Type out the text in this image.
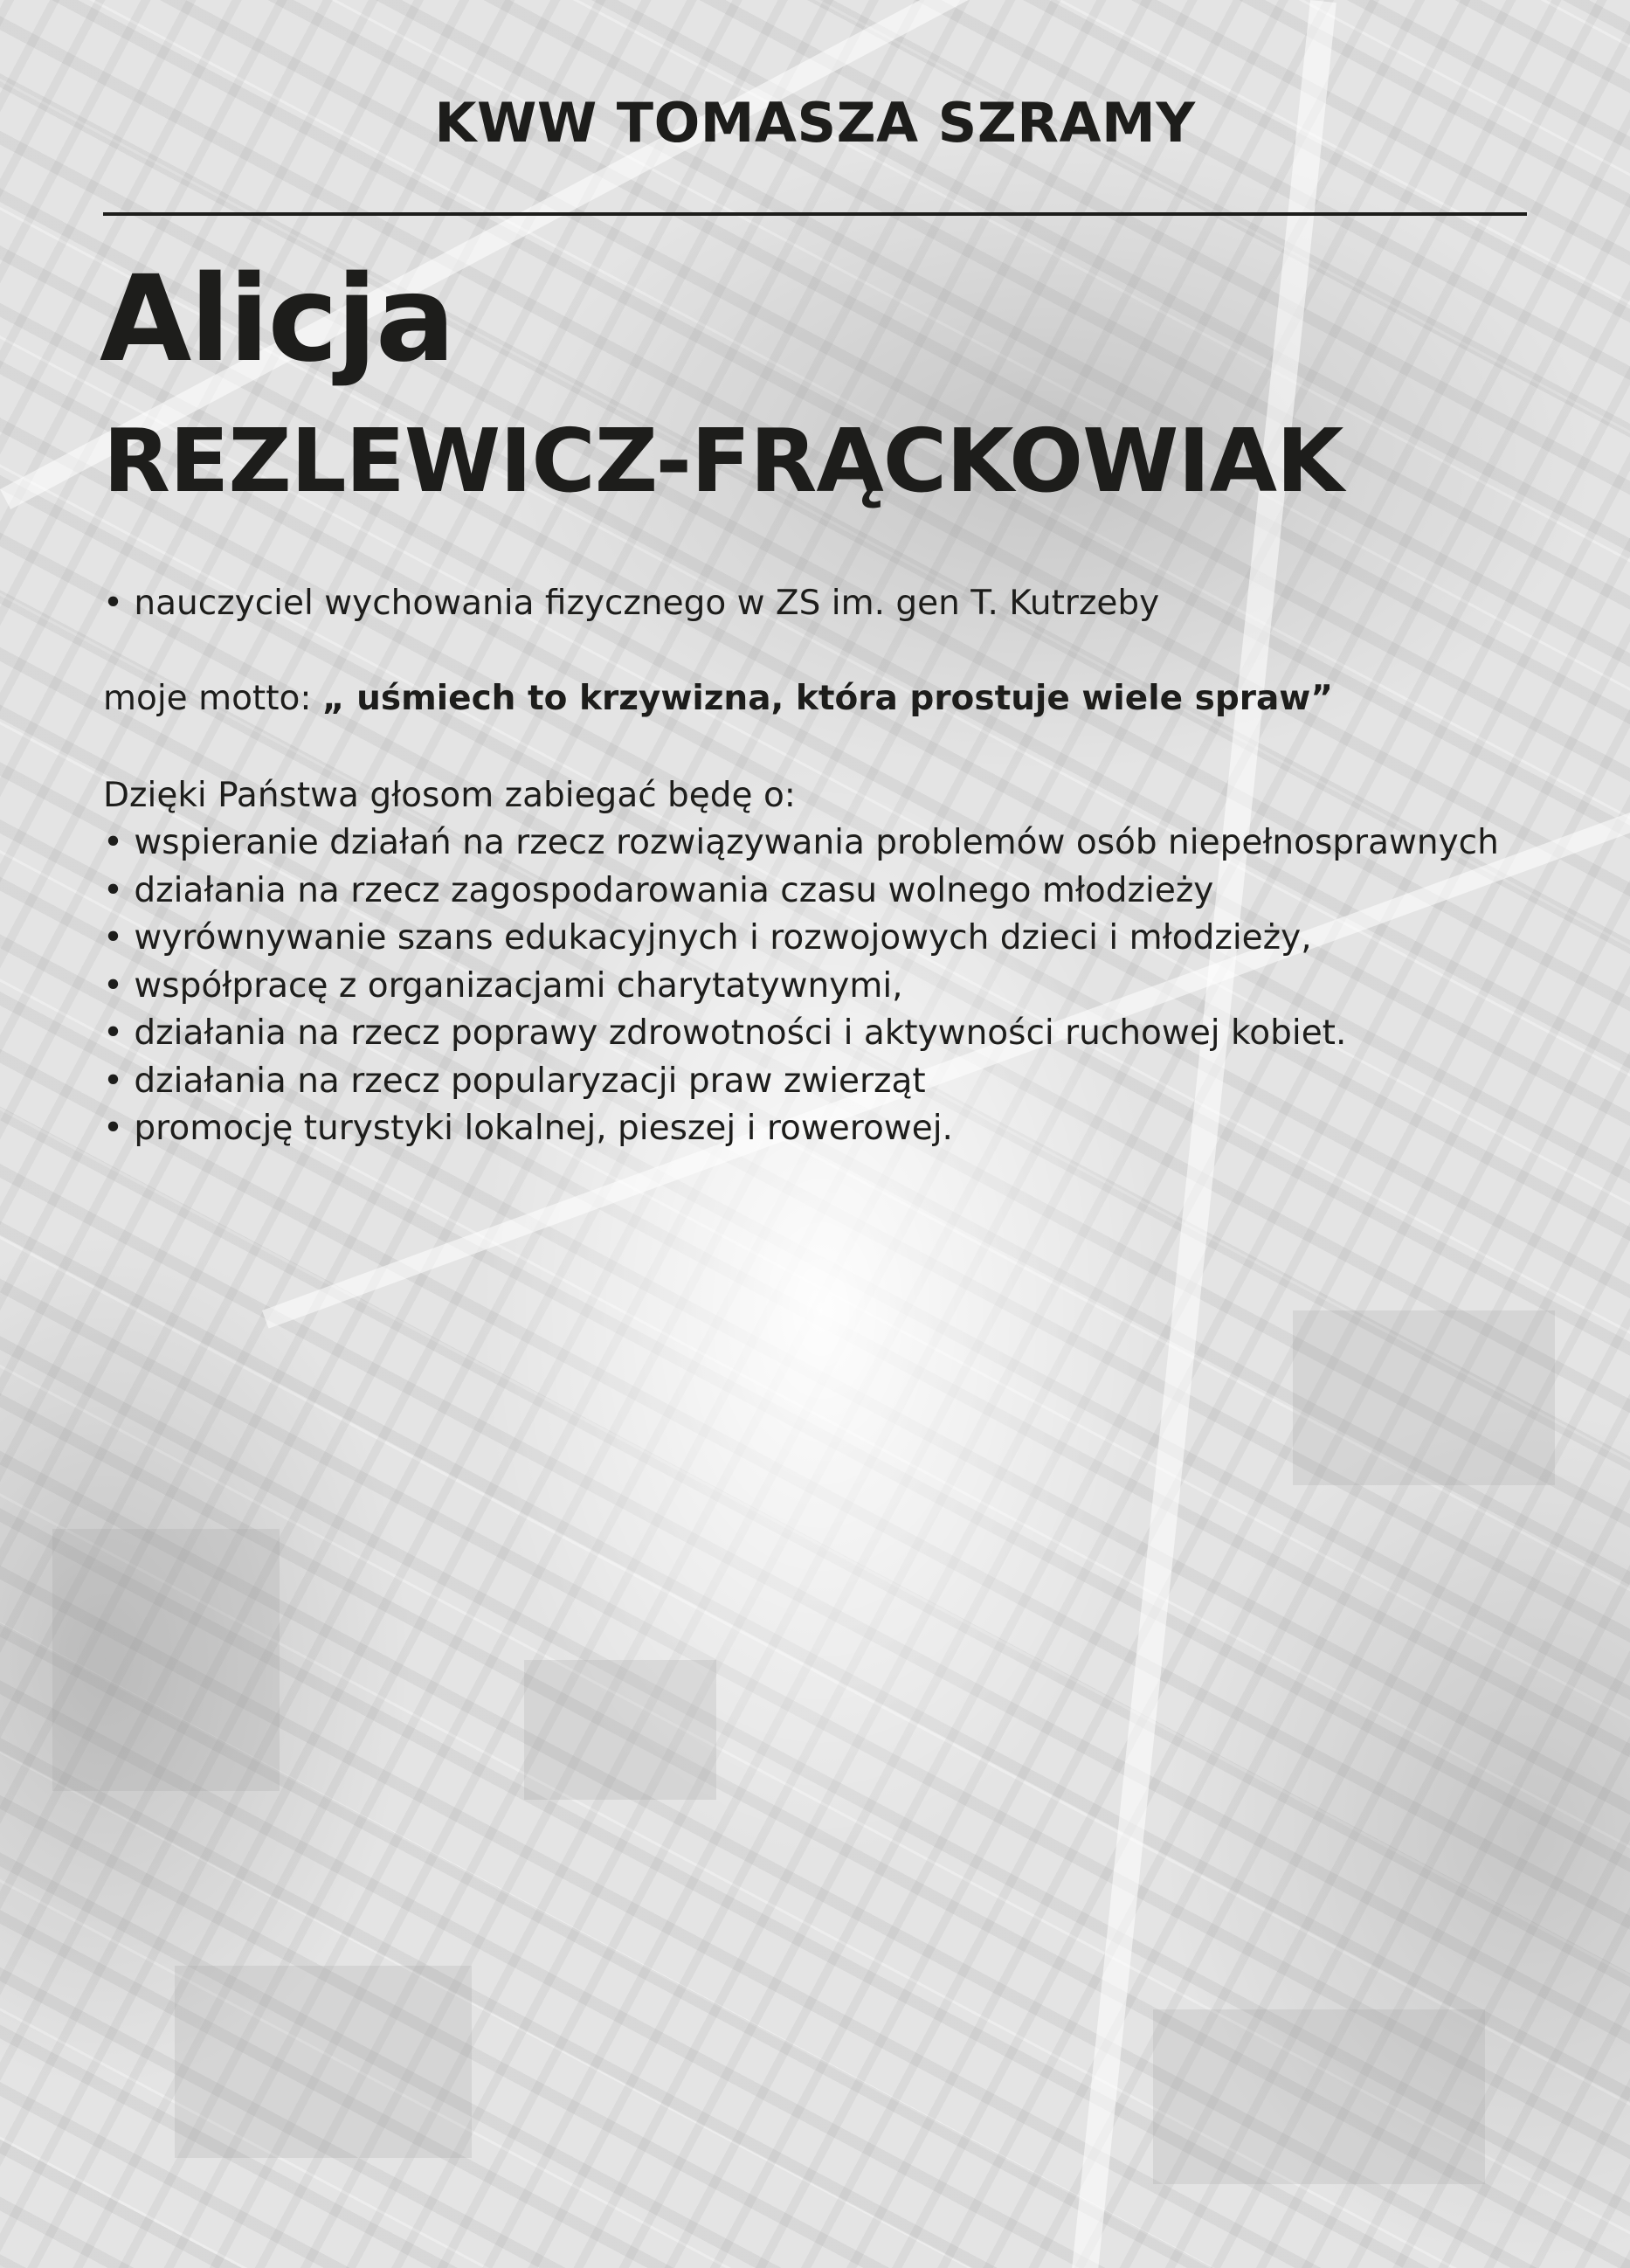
KWW TOMASZA SZRAMY
Alicja
REZLEWICZ-FRĄCKOWIAK
• nauczyciel wychowania fizycznego w ZS im. gen T. Kutrzeby
moje motto: „ uśmiech to krzywizna, która prostuje wiele spraw”
Dzięki Państwa głosom zabiegać będę o:
• wspieranie działań na rzecz rozwiązywania problemów osób niepełnosprawnych
• działania na rzecz zagospodarowania czasu wolnego młodzieży
• wyrównywanie szans edukacyjnych i rozwojowych dzieci i młodzieży,
• współpracę z organizacjami charytatywnymi,
• działania na rzecz poprawy zdrowotności i aktywności ruchowej kobiet.
• działania na rzecz popularyzacji praw zwierząt
• promocję turystyki lokalnej, pieszej i rowerowej.
